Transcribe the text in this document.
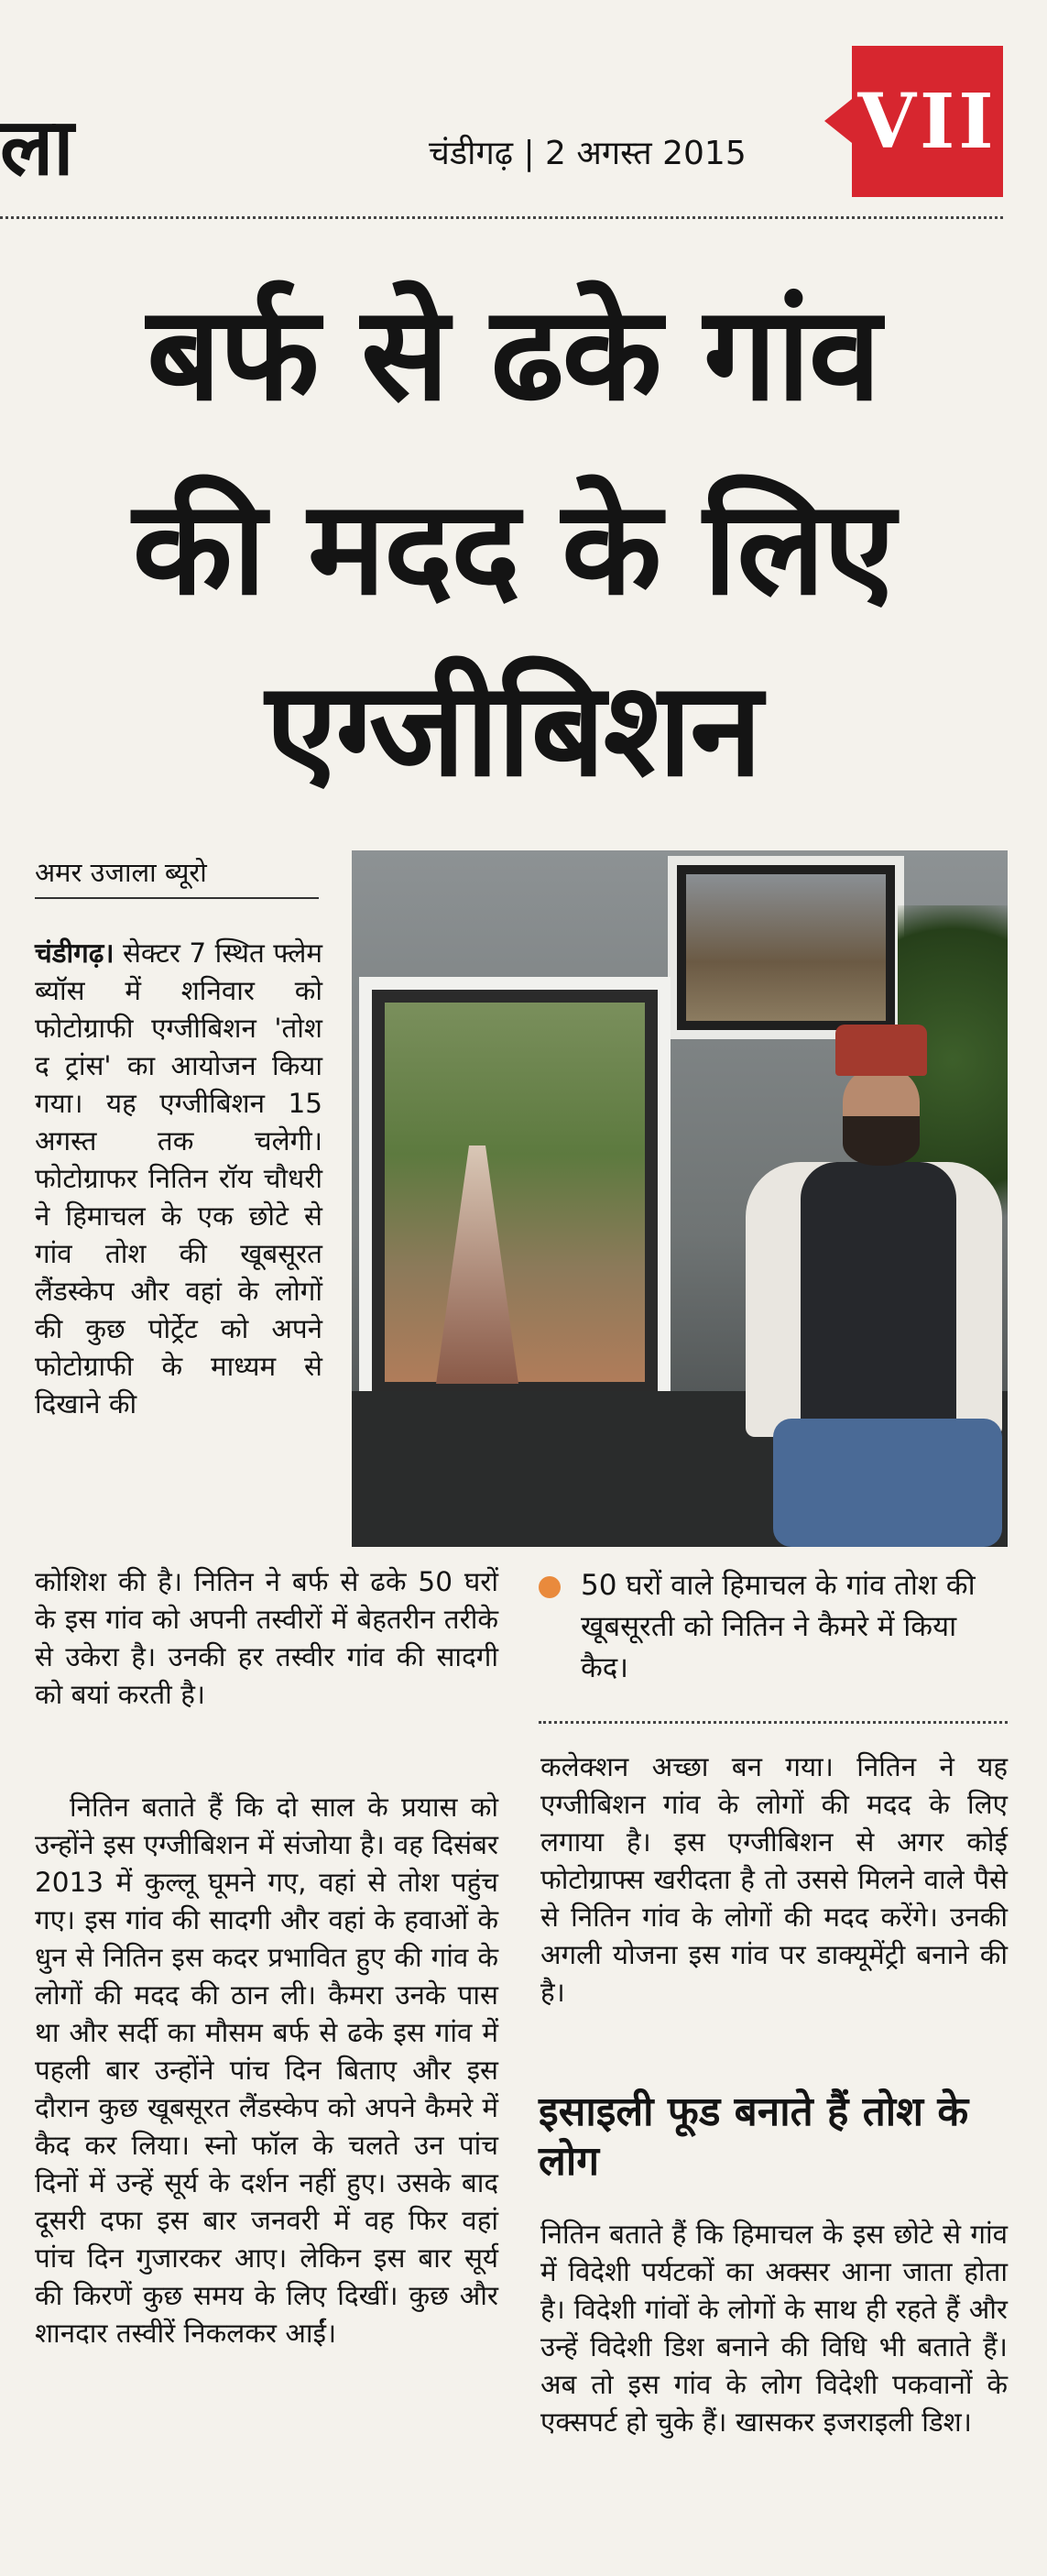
ला	चंडीगढ़ | 2 अगस्त 2015 VII
बर्फ से ढके गांव
की मदद के लिए
एग्जीबिशन
अमर उजाला ब्यूरो
चंडीगढ़। सेक्टर 7 स्थित फ्लेम ब्यॉस में शनिवार को फोटोग्राफी एग्जीबिशन 'तोश द ट्रांस' का आयोजन किया गया। यह एग्जीबिशन 15 अगस्त तक चलेगी। फोटोग्राफर नितिन रॉय चौधरी ने हिमाचल के एक छोटे से गांव तोश की खूबसूरत लैंडस्केप और वहां के लोगों की कुछ पोर्ट्रेट को अपने फोटोग्राफी के माध्यम से दिखाने की
50 घरों वाले हिमाचल के गांव तोश की खूबसूरती को नितिन ने कैमरे में किया कैद।
कोशिश की है। नितिन ने बर्फ से ढके 50 घरों के इस गांव को अपनी तस्वीरों में बेहतरीन तरीके से उकेरा है। उनकी हर तस्वीर गांव की सादगी को बयां करती है।
नितिन बताते हैं कि दो साल के प्रयास को उन्होंने इस एग्जीबिशन में संजोया है। वह दिसंबर 2013 में कुल्लू घूमने गए, वहां से तोश पहुंच गए। इस गांव की सादगी और वहां के हवाओं के धुन से नितिन इस कदर प्रभावित हुए की गांव के लोगों की मदद की ठान ली। कैमरा उनके पास था और सर्दी का मौसम बर्फ से ढके इस गांव में पहली बार उन्होंने पांच दिन बिताए और इस दौरान कुछ खूबसूरत लैंडस्केप को अपने कैमरे में कैद कर लिया। स्नो फॉल के चलते उन पांच दिनों में उन्हें सूर्य के दर्शन नहीं हुए। उसके बाद दूसरी दफा इस बार जनवरी में वह फिर वहां पांच दिन गुजारकर आए। लेकिन इस बार सूर्य की किरणें कुछ समय के लिए दिखीं। कुछ और शानदार तस्वीरें निकलकर आईं।
कलेक्शन अच्छा बन गया। नितिन ने यह एग्जीबिशन गांव के लोगों की मदद के लिए लगाया है। इस एग्जीबिशन से अगर कोई फोटोग्राफ्स खरीदता है तो उससे मिलने वाले पैसे से नितिन गांव के लोगों की मदद करेंगे। उनकी अगली योजना इस गांव पर डाक्यूमेंट्री बनाने की है।
इसाइली फूड बनाते हैं तोश के लोग
नितिन बताते हैं कि हिमाचल के इस छोटे से गांव में विदेशी पर्यटकों का अक्सर आना जाता होता है। विदेशी गांवों के लोगों के साथ ही रहते हैं और उन्हें विदेशी डिश बनाने की विधि भी बताते हैं। अब तो इस गांव के लोग विदेशी पकवानों के एक्सपर्ट हो चुके हैं। खासकर इजराइली डिश।
